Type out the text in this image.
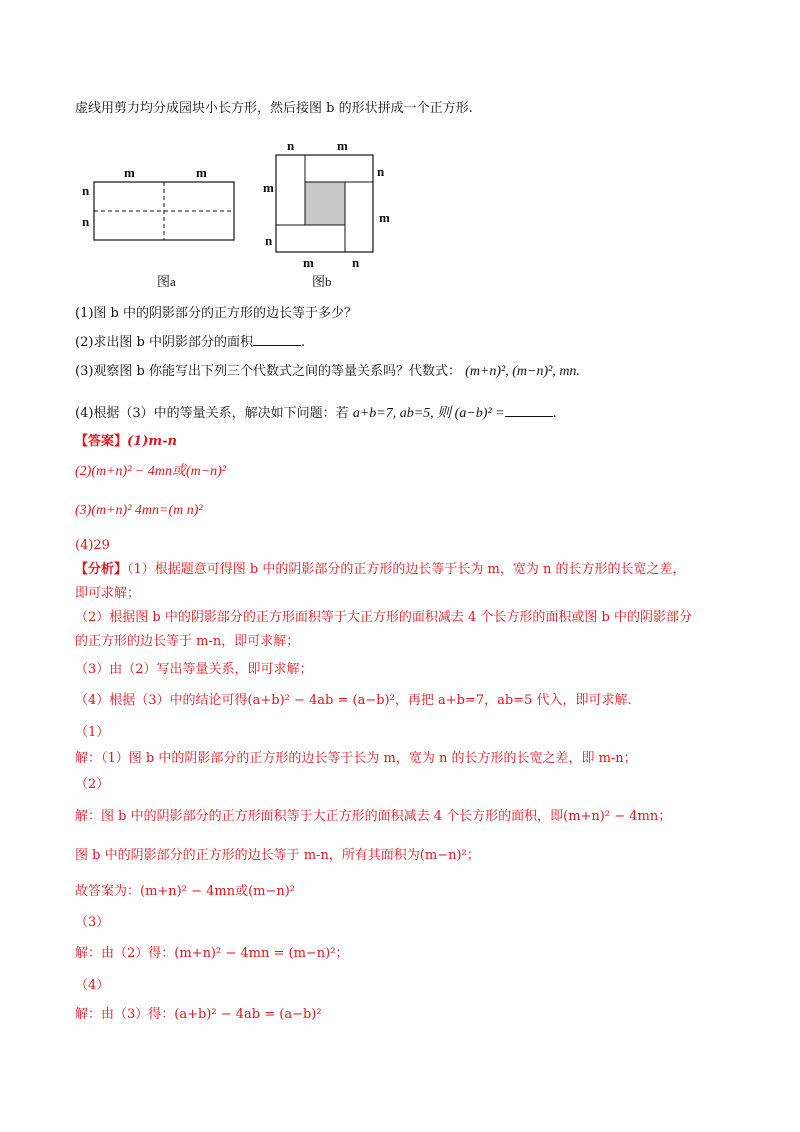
虚线用剪力均分成园块小长方形，然后接图 b 的形状拼成一个正方形.
m	m
n
n
图a
n	m
m
n
m
n
m	n
图b
(1)图 b 中的阴影部分的正方形的边长等于多少？
(2)求出图 b 中阴影部分的面积	.
(3)观察图 b 你能写出下列三个代数式之间的等量关系吗？代数式： (m+n)², (m−n)², mn.
(4)根据（3）中的等量关系，解决如下问题：若 a+b=7, ab=5, 则 (a−b)² =	.
【答案】(1)m-n
(2)(m+n)² − 4mn或(m−n)²
(3)(m+n)² 4mn=(m n)²
(4)29
【分析】（1）根据题意可得图 b 中的阴影部分的正方形的边长等于长为 m，宽为 n 的长方形的长宽之差，
即可求解；
（2）根据图 b 中的阴影部分的正方形面积等于大正方形的面积减去 4 个长方形的面积或图 b 中的阴影部分
的正方形的边长等于 m-n，即可求解；
（3）由（2）写出等量关系，即可求解；
（4）根据（3）中的结论可得(a+b)² − 4ab = (a−b)²，再把 a+b=7，ab=5 代入，即可求解.
（1）
解：（1）图 b 中的阴影部分的正方形的边长等于长为 m，宽为 n 的长方形的长宽之差，即 m-n；
（2）
解：图 b 中的阴影部分的正方形面积等于大正方形的面积减去 4 个长方形的面积，即(m+n)² − 4mn；
图 b 中的阴影部分的正方形的边长等于 m-n，所有其面积为(m−n)²；
故答案为：(m+n)² − 4mn或(m−n)²
（3）
解：由（2）得：(m+n)² − 4mn = (m−n)²；
（4）
解：由（3）得：(a+b)² − 4ab = (a−b)²
